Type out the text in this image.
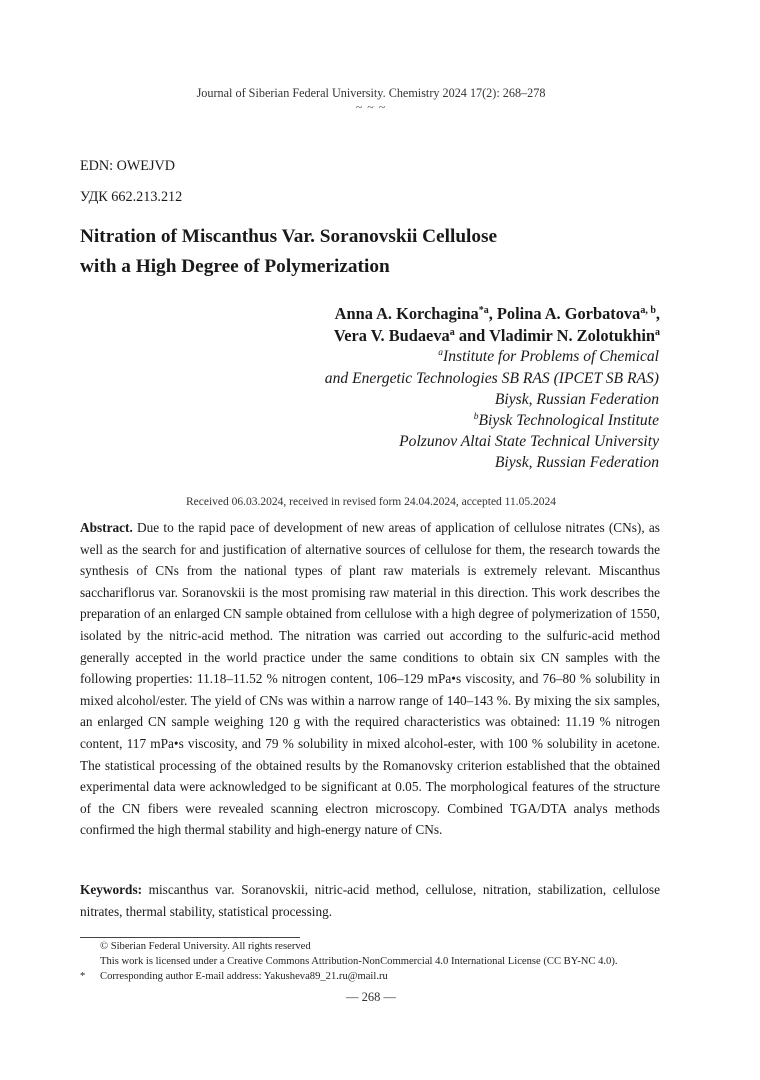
Journal of Siberian Federal University. Chemistry 2024 17(2): 268–278
~ ~ ~
EDN: OWEJVD
УДК 662.213.212
Nitration of Miscanthus Var. Soranovskii Cellulose
with a High Degree of Polymerization
Anna A. Korchagina$^{*a}$, Polina A. Gorbatova$^{a, b}$,
Vera V. Budaeva$^a$ and Vladimir N. Zolotukhin$^a$
$^a$Institute for Problems of Chemical
and Energetic Technologies SB RAS (IPCET SB RAS)
Biysk, Russian Federation
$^b$Biysk Technological Institute
Polzunov Altai State Technical University
Biysk, Russian Federation
Received 06.03.2024, received in revised form 24.04.2024, accepted 11.05.2024

Abstract. Due to the rapid pace of development of new areas of application of cellulose nitrates (CNs), as well as the search for and justification of alternative sources of cellulose for them, the research towards the synthesis of CNs from the national types of plant raw materials is extremely relevant. Miscanthus sacchariflorus var. Soranovskii is the most promising raw material in this direction. This work describes the preparation of an enlarged CN sample obtained from cellulose with a high degree of polymerization of 1550, isolated by the nitric-acid method. The nitration was carried out according to the sulfuric-acid method generally accepted in the world practice under the same conditions to obtain six CN samples with the following properties: 11.18–11.52 % nitrogen content, 106–129 mPa•s viscosity, and 76–80 % solubility in mixed alcohol/ester. The yield of CNs was within a narrow range of 140–143 %. By mixing the six samples, an enlarged CN sample weighing 120 g with the required characteristics was obtained: 11.19 % nitrogen content, 117 mPa•s viscosity, and 79 % solubility in mixed alcohol-ester, with 100 % solubility in acetone. The statistical processing of the obtained results by the Romanovsky criterion established that the obtained experimental data were acknowledged to be significant at 0.05. The morphological features of the structure of the CN fibers were revealed scanning electron microscopy. Combined TGA/DTA analys methods confirmed the high thermal stability and high-energy nature of CNs.

Keywords: miscanthus var. Soranovskii, nitric-acid method, cellulose, nitration, stabilization, cellulose nitrates, thermal stability, statistical processing.

© Siberian Federal University. All rights reserved
This work is licensed under a Creative Commons Attribution-NonCommercial 4.0 International License (CC BY-NC 4.0).
* Corresponding author E-mail address: Yakusheva89_21.ru@mail.ru
— 268 —
